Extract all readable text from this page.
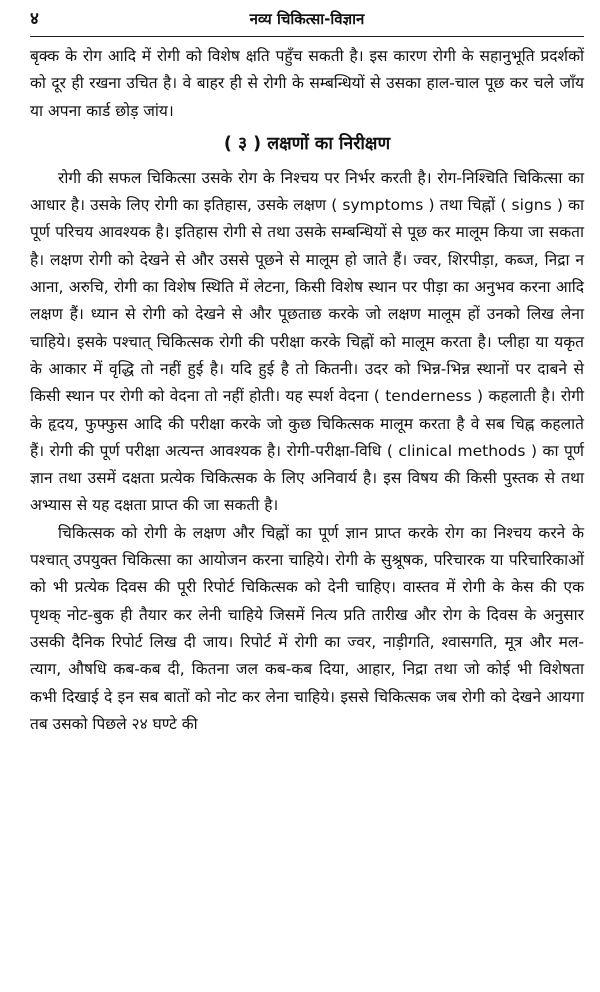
४	नव्य चिकित्सा-विज्ञान

बृक्क के रोग आदि में रोगी को विशेष क्षति पहुँच सकती है। इस कारण रोगी के सहानुभूति प्रदर्शकों को दूर ही रखना उचित है। वे बाहर ही से रोगी के सम्बन्धियों से उसका हाल-चाल पूछ कर चले जाँय या अपना कार्ड छोड़ जांय।

( ३ ) लक्षणों का निरीक्षण

रोगी की सफल चिकित्सा उसके रोग के निश्चय पर निर्भर करती है। रोग-निश्चिति चिकित्सा का आधार है। उसके लिए रोगी का इतिहास, उसके लक्षण ( symptoms ) तथा चिह्नों ( signs ) का पूर्ण परिचय आवश्यक है। इतिहास रोगी से तथा उसके सम्बन्धियों से पूछ कर मालूम किया जा सकता है। लक्षण रोगी को देखने से और उससे पूछने से मालूम हो जाते हैं। ज्वर, शिरपीड़ा, कब्ज, निद्रा न आना, अरुचि, रोगी का विशेष स्थिति में लेटना, किसी विशेष स्थान पर पीड़ा का अनुभव करना आदि लक्षण हैं। ध्यान से रोगी को देखने से और पूछताछ करके जो लक्षण मालूम हों उनको लिख लेना चाहिये। इसके पश्चात् चिकित्सक रोगी की परीक्षा करके चिह्नों को मालूम करता है। प्लीहा या यकृत के आकार में वृद्धि तो नहीं हुई है। यदि हुई है तो कितनी। उदर को भिन्न-भिन्न स्थानों पर दाबने से किसी स्थान पर रोगी को वेदना तो नहीं होती। यह स्पर्श वेदना ( tenderness ) कहलाती है। रोगी के हृदय, फुफ्फुस आदि की परीक्षा करके जो कुछ चिकित्सक मालूम करता है वे सब चिह्न कहलाते हैं। रोगी की पूर्ण परीक्षा अत्यन्त आवश्यक है। रोगी-परीक्षा-विधि ( clinical methods ) का पूर्ण ज्ञान तथा उसमें दक्षता प्रत्येक चिकित्सक के लिए अनिवार्य है। इस विषय की किसी पुस्तक से तथा अभ्यास से यह दक्षता प्राप्त की जा सकती है।

चिकित्सक को रोगी के लक्षण और चिह्नों का पूर्ण ज्ञान प्राप्त करके रोग का निश्चय करने के पश्चात् उपयुक्त चिकित्सा का आयोजन करना चाहिये। रोगी के सुश्रूषक, परिचारक या परिचारिकाओं को भी प्रत्येक दिवस की पूरी रिपोर्ट चिकित्सक को देनी चाहिए। वास्तव में रोगी के केस की एक पृथक् नोट-बुक ही तैयार कर लेनी चाहिये जिसमें नित्य प्रति तारीख और रोग के दिवस के अनुसार उसकी दैनिक रिपोर्ट लिख दी जाय। रिपोर्ट में रोगी का ज्वर, नाड़ीगति, श्वासगति, मूत्र और मल-त्याग, औषधि कब-कब दी, कितना जल कब-कब दिया, आहार, निद्रा तथा जो कोई भी विशेषता कभी दिखाई दे इन सब बातों को नोट कर लेना चाहिये। इससे चिकित्सक जब रोगी को देखने आयगा तब उसको पिछले २४ घण्टे की
